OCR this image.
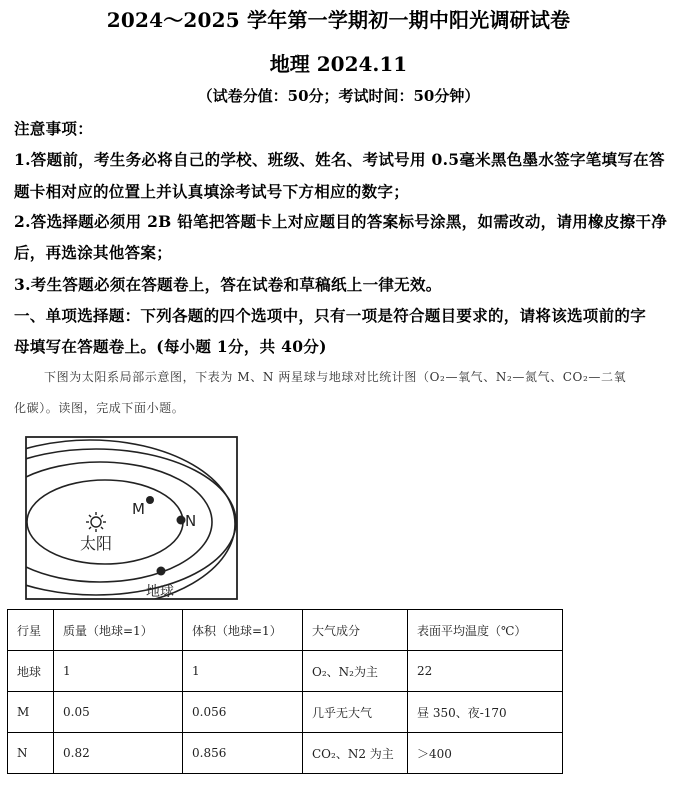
2024～2025 学年第一学期初一期中阳光调研试卷
地理 2024.11
（试卷分值：50分；考试时间：50分钟）
注意事项：
1.答题前，考生务必将自己的学校、班级、姓名、考试号用 0.5毫米黑色墨水签字笔填写在答
题卡相对应的位置上并认真填涂考试号下方相应的数字；
2.答选择题必须用 2B 铅笔把答题卡上对应题目的答案标号涂黑，如需改动，请用橡皮擦干净
后，再选涂其他答案；
3.考生答题必须在答题卷上，答在试卷和草稿纸上一律无效。
一、单项选择题：下列各题的四个选项中，只有一项是符合题目要求的，请将该选项前的字
母填写在答题卷上。(每小题 1分，共 40分)
下图为太阳系局部示意图，下表为 M、N 两星球与地球对比统计图（O₂—氧气、N₂—氮气、CO₂—二氧
化碳）。读图，完成下面小题。
太阳
M
N
地球
行星	质量（地球=1）	体积（地球=1）	大气成分	表面平均温度（℃）
地球	1	1	O₂、N₂为主	22
M	0.05	0.056	几乎无大气	昼 350、夜-170
N	0.82	0.856	CO₂、N2 为主	＞400
